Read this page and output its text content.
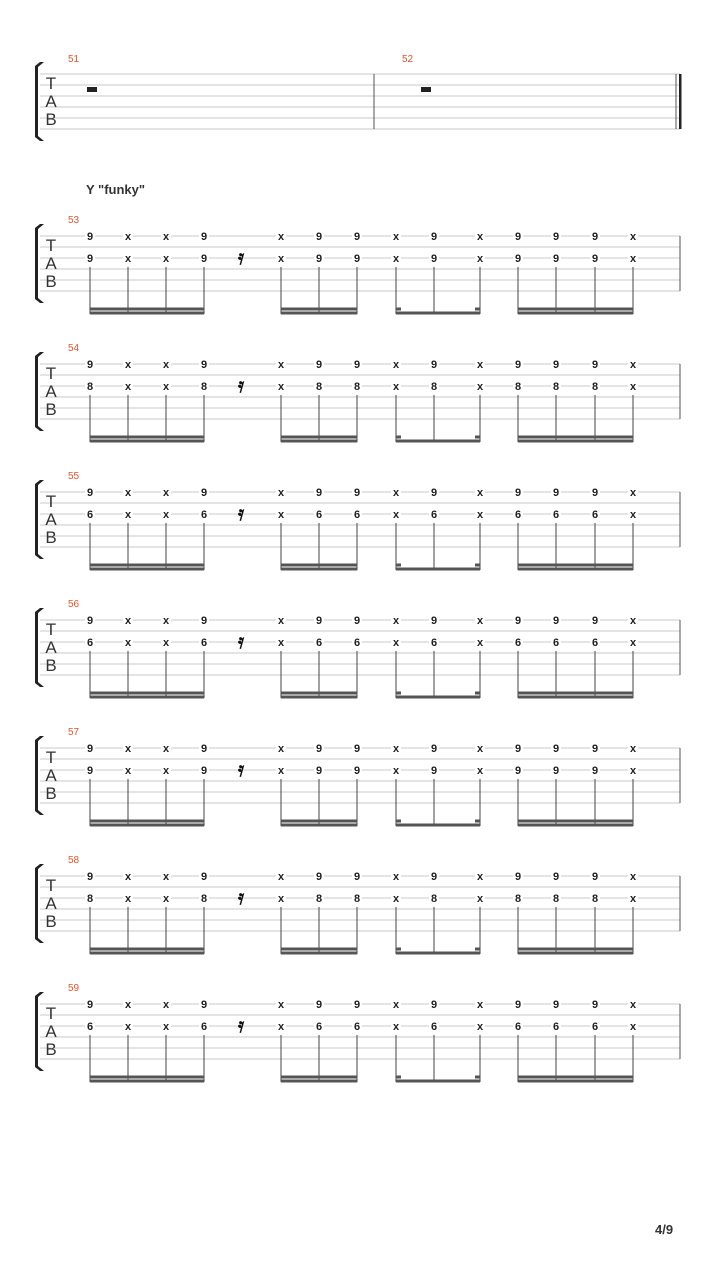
T
A
B
51	52
T
A
B
53
𝄿
9	x	x	9	x	9	9	x	9	x	9	9	9	x
9	x	x	9	x	9	9	x	9	x	9	9	9	x
T
A
B
54
𝄿
9	x	x	9	x	9	9	x	9	x	9	9	9	x
8	x	x	8	x	8	8	x	8	x	8	8	8	x
T
A
B
55
𝄿
9	x	x	9	x	9	9	x	9	x	9	9	9	x
6	x	x	6	x	6	6	x	6	x	6	6	6	x
T
A
B
56
𝄿
9	x	x	9	x	9	9	x	9	x	9	9	9	x
6	x	x	6	x	6	6	x	6	x	6	6	6	x
T
A
B
57
𝄿
9	x	x	9	x	9	9	x	9	x	9	9	9	x
9	x	x	9	x	9	9	x	9	x	9	9	9	x
T
A
B
58
𝄿
9	x	x	9	x	9	9	x	9	x	9	9	9	x
8	x	x	8	x	8	8	x	8	x	8	8	8	x
T
A
B
59
𝄿
9	x	x	9	x	9	9	x	9	x	9	9	9	x
6	x	x	6	x	6	6	x	6	x	6	6	6	x
Y "funky"
4/9
